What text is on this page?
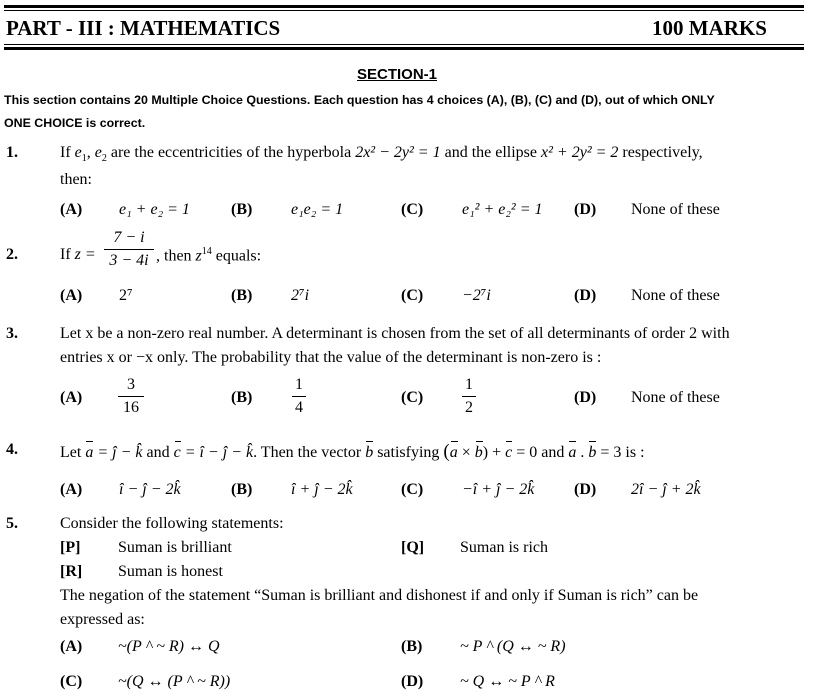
PART - III : MATHEMATICS	100 MARKS
SECTION-1
This section contains 20 Multiple Choice Questions. Each question has 4 choices (A), (B), (C) and (D), out of which ONLY
ONE CHOICE is correct.
1.	If $e_1$, $e_2$ are the eccentricities of the hyperbola 2x² − 2y² = 1 and the ellipse x² + 2y² = 2 respectively,
then:
(A) e₁ + e₂ = 1	(B) e₁e₂ = 1	(C) e₁² + e₂² = 1 (D) None of these
2.	If z =
7 − i
3 − 4i , then $z^{14}$ equals:
(A) 2⁷	(B) 2⁷i	(C) −2⁷i	(D) None of these
3.	Let x be a non-zero real number. A determinant is chosen from the set of all determinants of order 2 with
entries x or −x only. The probability that the value of the determinant is non-zero is :
(A)
3
16
(B)
1
4
(C)
1
2
(D) None of these
4.	Let a = ĵ − k̂ and c = î − ĵ − k̂. Then the vector b satisfying (a × b) + c = 0 and a . b = 3 is :
(A) î − ĵ − 2k̂	(B) î + ĵ − 2k̂	(C) −î + ĵ − 2k̂ (D) 2î − ĵ + 2k̂
5.	Consider the following statements:
[P] Suman is brilliant	[Q] Suman is rich
[R] Suman is honest
The negation of the statement “Suman is brilliant and dishonest if and only if Suman is rich” can be
expressed as:
(A) ~(P ^ ~ R) ↔ Q	(B) ~ P ^ (Q ↔ ~ R)
(C) ~(Q ↔ (P ^ ~ R))	(D) ~ Q ↔ ~ P ^ R
